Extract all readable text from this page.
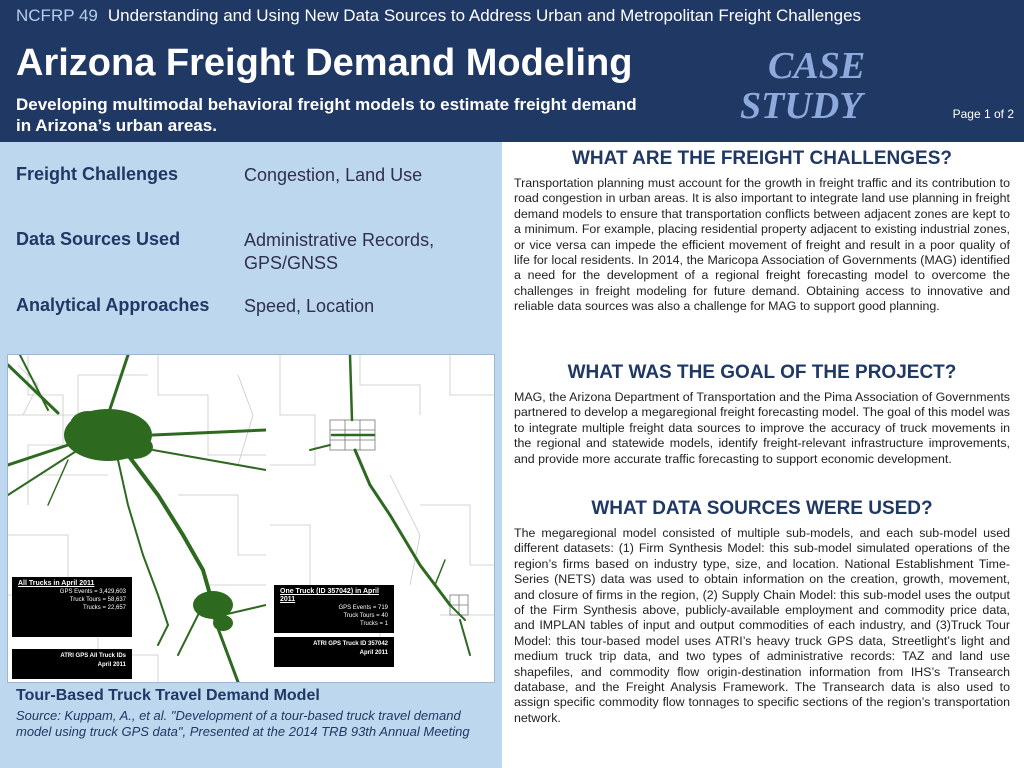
NCFRP 49 Understanding and Using New Data Sources to Address Urban and Metropolitan Freight Challenges
Arizona Freight Demand Modeling
Developing multimodal behavioral freight models to estimate freight demand in Arizona’s urban areas.
CASE
STUDY	Page 1 of 2
Freight Challenges	Congestion, Land Use
Data Sources Used	Administrative Records, GPS/GNSS
Analytical Approaches	Speed, Location
All Trucks in April 2011
GPS Events = 3,429,603
Truck Tours = 58,637
Trucks = 22,657
ATRI GPS All Truck IDs
April 2011
One Truck (ID 357042) in April 2011
GPS Events = 719
Truck Tours = 40
Trucks = 1
ATRI GPS Truck ID 357042
April 2011
Tour-Based Truck Travel Demand Model
Source: Kuppam, A., et al. "Development of a tour-based truck travel demand model using truck GPS data", Presented at the 2014 TRB 93th Annual Meeting
WHAT ARE THE FREIGHT CHALLENGES?

Transportation planning must account for the growth in freight traffic and its contribution to road congestion in urban areas. It is also important to integrate land use planning in freight demand models to ensure that transportation conflicts between adjacent zones are kept to a minimum. For example, placing residential property adjacent to existing industrial zones, or vice versa can impede the efficient movement of freight and result in a poor quality of life for local residents. In 2014, the Maricopa Association of Governments (MAG) identified a need for the development of a regional freight forecasting model to overcome the challenges in freight modeling for future demand. Obtaining access to innovative and reliable data sources was also a challenge for MAG to support good planning.

WHAT WAS THE GOAL OF THE PROJECT?

MAG, the Arizona Department of Transportation and the Pima Association of Governments partnered to develop a megaregional freight forecasting model. The goal of this model was to integrate multiple freight data sources to improve the accuracy of truck movements in the regional and statewide models, identify freight-relevant infrastructure improvements, and provide more accurate traffic forecasting to support economic development.

WHAT DATA SOURCES WERE USED?

The megaregional model consisted of multiple sub-models, and each sub-model used different datasets: (1) Firm Synthesis Model: this sub-model simulated operations of the region’s firms based on industry type, size, and location. National Establishment Time-Series (NETS) data was used to obtain information on the creation, growth, movement, and closure of firms in the region, (2) Supply Chain Model: this sub-model uses the output of the Firm Synthesis above, publicly-available employment and commodity price data, and IMPLAN tables of input and output commodities of each industry, and (3)Truck Tour Model: this tour-based model uses ATRI’s heavy truck GPS data, Streetlight’s light and medium truck trip data, and two types of administrative records: TAZ and land use shapefiles, and commodity flow origin-destination information from IHS’s Transearch database, and the Freight Analysis Framework. The Transearch data is also used to assign specific commodity flow tonnages to specific sections of the region’s transportation network.
